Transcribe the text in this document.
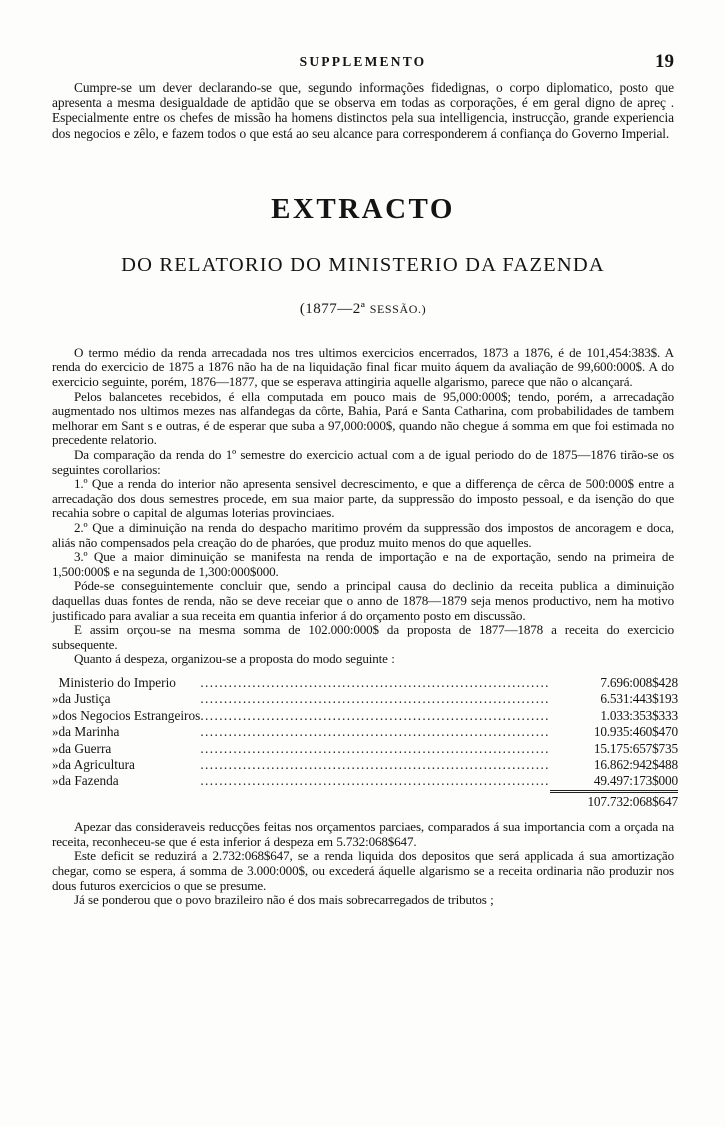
SUPPLEMENTO	19

Cumpre-se um dever declarando-se que, segundo informações fidedignas, o corpo diplomatico, posto que apresenta a mesma desigualdade de aptidão que se observa em todas as corporações, é em geral digno de apreç . Especialmente entre os chefes de missão ha homens distinctos pela sua intelligencia, instrucção, grande experiencia dos negocios e zêlo, e fazem todos o que está ao seu alcance para corresponderem á confiança do Governo Imperial.

EXTRACTO
DO RELATORIO DO MINISTERIO DA FAZENDA
(1877—2ª SESSÃO.)

O termo médio da renda arrecadada nos tres ultimos exercicios encerrados, 1873 a 1876, é de 101,454:383$. A renda do exercicio de 1875 a 1876 não ha de na liquidação final ficar muito áquem da avaliação de 99,600:000$. A do exercicio seguinte, porém, 1876—1877, que se esperava attingiria aquelle algarismo, parece que não o alcançará.

Pelos balancetes recebidos, é ella computada em pouco mais de 95,000:000$; tendo, porém, a arrecadação augmentado nos ultimos mezes nas alfandegas da côrte, Bahia, Pará e Santa Catharina, com probabilidades de tambem melhorar em Sant s e outras, é de esperar que suba a 97,000:000$, quando não chegue á somma em que foi estimada no precedente relatorio.

Da comparação da renda do 1º semestre do exercicio actual com a de igual periodo do de 1875—1876 tirão-se os seguintes corollarios:

1.º Que a renda do interior não apresenta sensivel decrescimento, e que a differença de cêrca de 500:000$ entre a arrecadação dos dous semestres procede, em sua maior parte, da suppressão do imposto pessoal, e da isenção do que recahia sobre o capital de algumas loterias provinciaes.

2.º Que a diminuição na renda do despacho maritimo provém da suppressão dos impostos de ancoragem e doca, aliás não compensados pela creação do de pharóes, que produz muito menos do que aquelles.

3.º Que a maior diminuição se manifesta na renda de importação e na de exportação, sendo na primeira de 1,500:000$ e na segunda de 1,300:000$000.

Póde-se conseguintemente concluir que, sendo a principal causa do declinio da receita publica a diminuição daquellas duas fontes de renda, não se deve receiar que o anno de 1878—1879 seja menos productivo, nem ha motivo justificado para avaliar a sua receita em quantia inferior á do orçamento posto em discussão.

E assim orçou-se na mesma somma de 102.000:000$ da proposta de 1877—1878 a receita do exercicio subsequente.

Quanto á despeza, organizou-se a proposta do modo seguinte :

	Ministerio do Imperio	..........................................................................	7.696:008$428
»	da Justiça	..........................................................................	6.531:443$193
»	dos Negocios Estrangeiros	..........................................................................	1.033:353$333
»	da Marinha	..........................................................................	10.935:460$470
»	da Guerra	..........................................................................	15.175:657$735
»	da Agricultura	..........................................................................	16.862:942$488
»	da Fazenda	..........................................................................	49.497:173$000
			107.732:068$647

Apezar das consideraveis reducções feitas nos orçamentos parciaes, comparados á sua importancia com a orçada na receita, reconheceu-se que é esta inferior á despeza em 5.732:068$647.

Este deficit se reduzirá a 2.732:068$647, se a renda liquida dos depositos que será applicada á sua amortização chegar, como se espera, á somma de 3.000:000$, ou excederá áquelle algarismo se a receita ordinaria não produzir nos dous futuros exercicios o que se presume.

Já se ponderou que o povo brazileiro não é dos mais sobrecarregados de tributos ;
